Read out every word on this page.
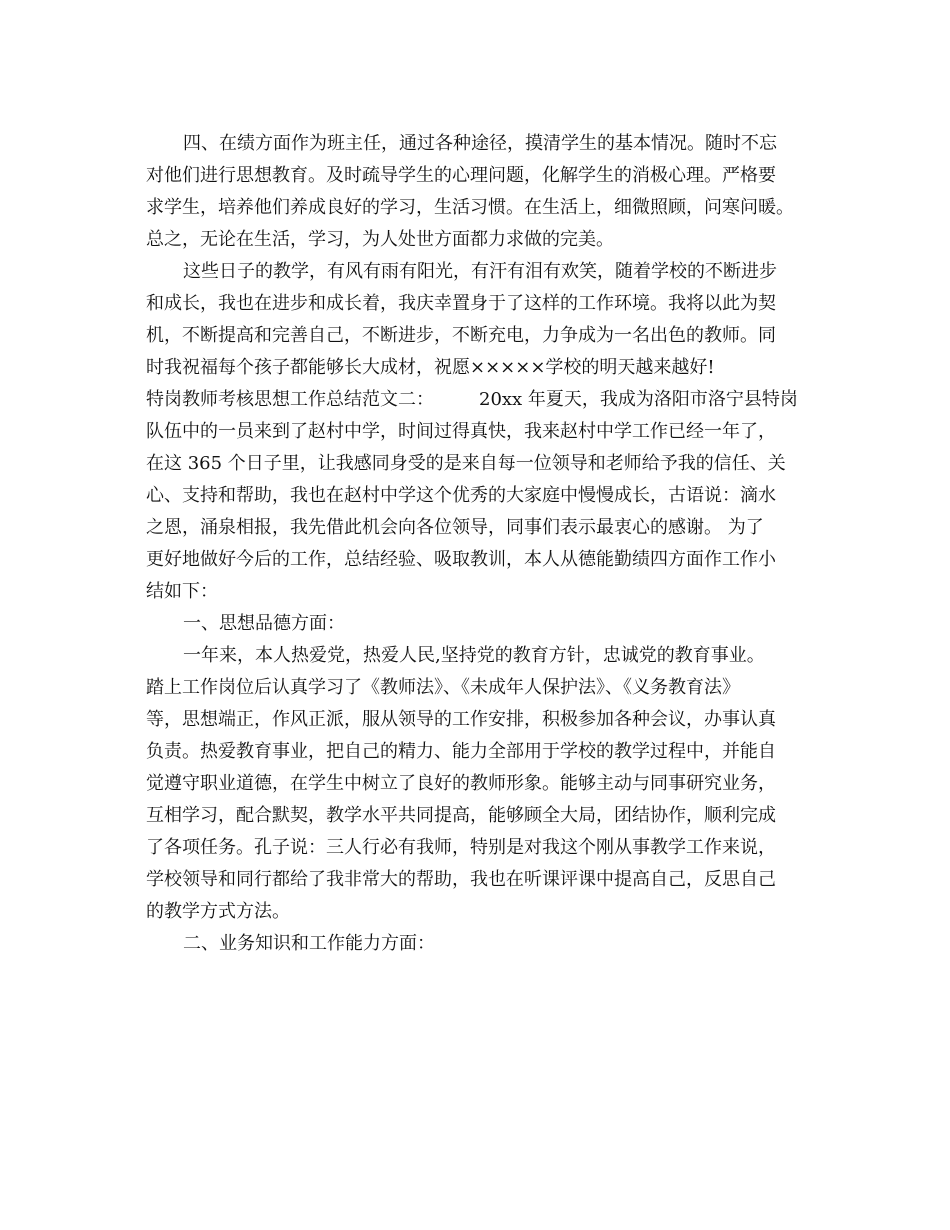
四、在绩方面作为班主任，通过各种途径，摸清学生的基本情况。随时不忘
对他们进行思想教育。及时疏导学生的心理问题，化解学生的消极心理。严格要
求学生，培养他们养成良好的学习，生活习惯。在生活上，细微照顾，问寒问暖。
总之，无论在生活，学习，为人处世方面都力求做的完美。
这些日子的教学，有风有雨有阳光，有汗有泪有欢笑，随着学校的不断进步
和成长，我也在进步和成长着，我庆幸置身于了这样的工作环境。我将以此为契
机，不断提高和完善自己，不断进步，不断充电，力争成为一名出色的教师。同
时我祝福每个孩子都能够长大成材，祝愿×××××学校的明天越来越好!
特岗教师考核思想工作总结范文二：　　　20xx 年夏天，我成为洛阳市洛宁县特岗
队伍中的一员来到了赵村中学，时间过得真快，我来赵村中学工作已经一年了，
在这 365 个日子里，让我感同身受的是来自每一位领导和老师给予我的信任、关
心、支持和帮助，我也在赵村中学这个优秀的大家庭中慢慢成长，古语说：滴水
之恩，涌泉相报，我先借此机会向各位领导，同事们表示最衷心的感谢。 为了
更好地做好今后的工作，总结经验、吸取教训，本人从德能勤绩四方面作工作小
结如下：
一、思想品德方面：
一年来，本人热爱党，热爱人民,坚持党的教育方针，忠诚党的教育事业。
踏上工作岗位后认真学习了《教师法》、《未成年人保护法》、《义务教育法》
等，思想端正，作风正派，服从领导的工作安排，积极参加各种会议，办事认真
负责。热爱教育事业，把自己的精力、能力全部用于学校的教学过程中，并能自
觉遵守职业道德，在学生中树立了良好的教师形象。能够主动与同事研究业务，
互相学习，配合默契，教学水平共同提高，能够顾全大局，团结协作，顺利完成
了各项任务。孔子说：三人行必有我师，特别是对我这个刚从事教学工作来说，
学校领导和同行都给了我非常大的帮助，我也在听课评课中提高自己，反思自己
的教学方式方法。
二、业务知识和工作能力方面：
